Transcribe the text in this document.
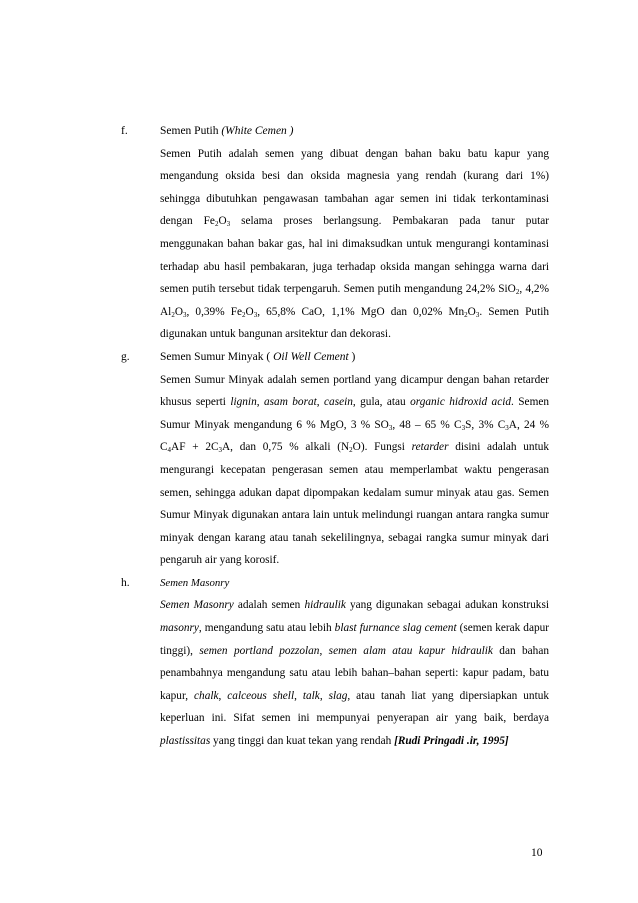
f.	Semen Putih (White Cemen )
Semen Putih adalah semen yang dibuat dengan bahan baku batu kapur yang mengandung oksida besi dan oksida magnesia yang rendah (kurang dari 1%) sehingga dibutuhkan pengawasan tambahan agar semen ini tidak terkontaminasi dengan $Fe_2O_3$ selama proses berlangsung. Pembakaran pada tanur putar menggunakan bahan bakar gas, hal ini dimaksudkan untuk mengurangi kontaminasi terhadap abu hasil pembakaran, juga terhadap oksida mangan sehingga warna dari semen putih tersebut tidak terpengaruh. Semen putih mengandung 24,2% SiO$_2$, 4,2% $Al_2O_3$, 0,39% $Fe_2O_3$, 65,8% CaO, 1,1% MgO dan 0,02% $Mn_2O_3$. Semen Putih digunakan untuk bangunan arsitektur dan dekorasi.
g.	Semen Sumur Minyak ( Oil Well Cement )
Semen Sumur Minyak adalah semen portland yang dicampur dengan bahan retarder khusus seperti lignin, asam borat, casein, gula, atau organic hidroxid acid. Semen Sumur Minyak mengandung 6 % MgO, 3 % $SO_3$, 48 – 65 % $C_3S$, 3% $C_3A$, 24 % $C_4AF + 2C_3A$, dan 0,75 % alkali $(N_2O)$. Fungsi retarder disini adalah untuk mengurangi kecepatan pengerasan semen atau memperlambat waktu pengerasan semen, sehingga adukan dapat dipompakan kedalam sumur minyak atau gas. Semen Sumur Minyak digunakan antara lain untuk melindungi ruangan antara rangka sumur minyak dengan karang atau tanah sekelilingnya, sebagai rangka sumur minyak dari pengaruh air yang korosif.
h.	Semen Masonry
Semen Masonry adalah semen hidraulik yang digunakan sebagai adukan konstruksi masonry, mengandung satu atau lebih blast furnance slag cement (semen kerak dapur tinggi), semen portland pozzolan, semen alam atau kapur hidraulik dan bahan penambahnya mengandung satu atau lebih bahan–bahan seperti: kapur padam, batu kapur, chalk, calceous shell, talk, slag, atau tanah liat yang dipersiapkan untuk keperluan ini. Sifat semen ini mempunyai penyerapan air yang baik, berdaya plastissitas yang tinggi dan kuat tekan yang rendah [Rudi Pringadi .ir, 1995]
10
